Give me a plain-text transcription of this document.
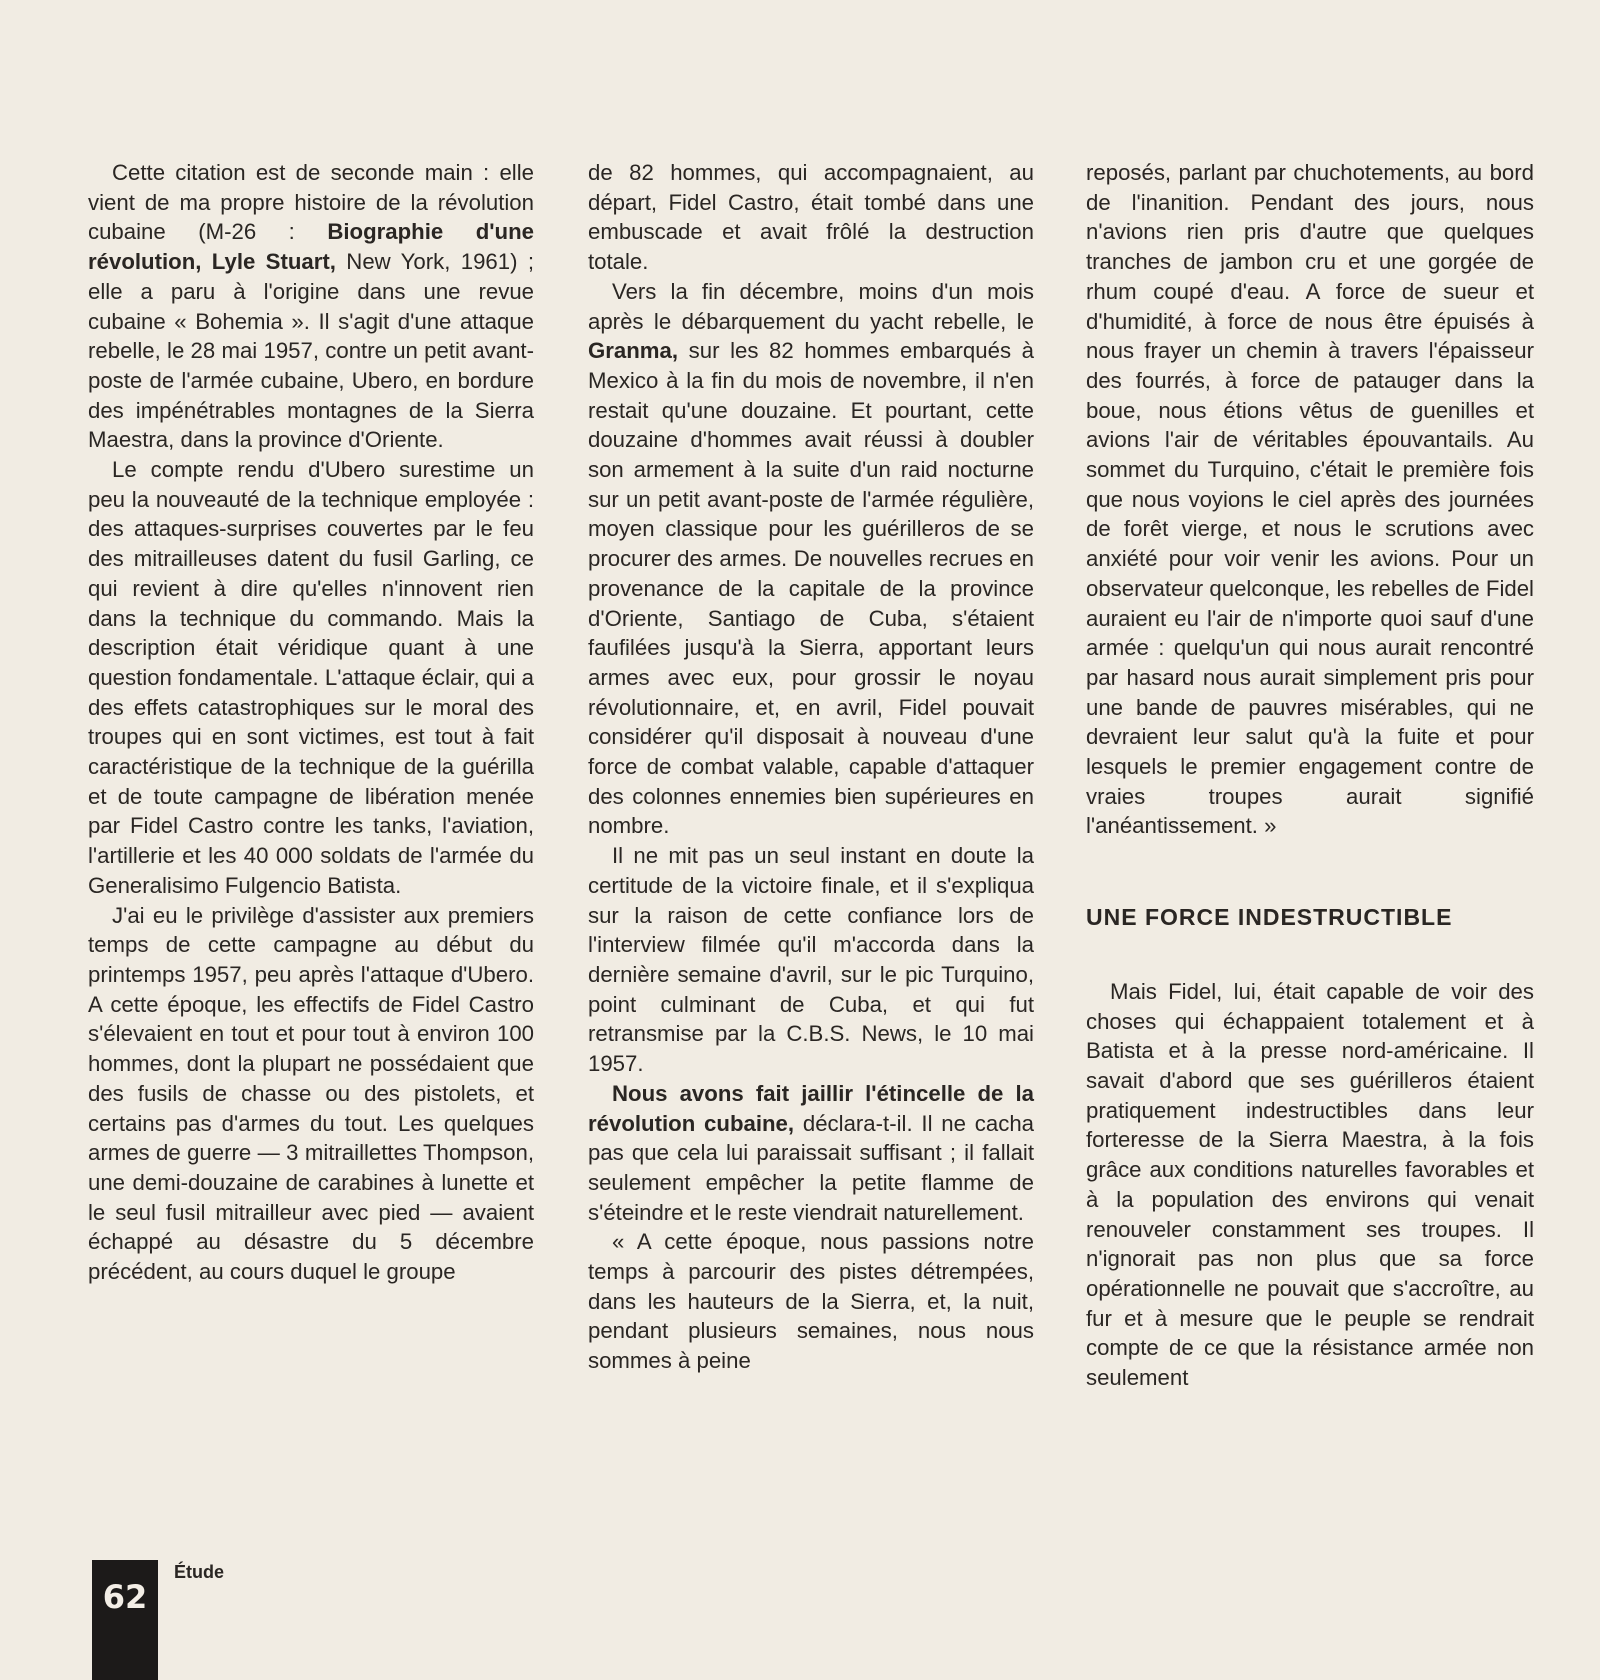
Cette citation est de seconde main : elle vient de ma propre histoire de la révolution cubaine (M-26 : Biographie d'une révolution, Lyle Stuart, New York, 1961) ; elle a paru à l'origine dans une revue cubaine « Bohemia ». Il s'agit d'une attaque rebelle, le 28 mai 1957, contre un petit avant-poste de l'armée cubaine, Ubero, en bordure des impénétrables montagnes de la Sierra Maestra, dans la province d'Oriente.

Le compte rendu d'Ubero surestime un peu la nouveauté de la technique employée : des attaques-surprises couvertes par le feu des mitrailleuses datent du fusil Garling, ce qui revient à dire qu'elles n'innovent rien dans la technique du commando. Mais la description était véridique quant à une question fondamentale. L'attaque éclair, qui a des effets catastrophiques sur le moral des troupes qui en sont victimes, est tout à fait caractéristique de la technique de la guérilla et de toute campagne de libération menée par Fidel Castro contre les tanks, l'aviation, l'artillerie et les 40 000 soldats de l'armée du Generalisimo Fulgencio Batista.

J'ai eu le privilège d'assister aux premiers temps de cette campagne au début du printemps 1957, peu après l'attaque d'Ubero. A cette époque, les effectifs de Fidel Castro s'élevaient en tout et pour tout à environ 100 hommes, dont la plupart ne possédaient que des fusils de chasse ou des pistolets, et certains pas d'armes du tout. Les quelques armes de guerre — 3 mitraillettes Thompson, une demi-douzaine de carabines à lunette et le seul fusil mitrailleur avec pied — avaient échappé au désastre du 5 décembre précédent, au cours duquel le groupe

de 82 hommes, qui accompagnaient, au départ, Fidel Castro, était tombé dans une embuscade et avait frôlé la destruction totale.

Vers la fin décembre, moins d'un mois après le débarquement du yacht rebelle, le Granma, sur les 82 hommes embarqués à Mexico à la fin du mois de novembre, il n'en restait qu'une douzaine. Et pourtant, cette douzaine d'hommes avait réussi à doubler son armement à la suite d'un raid nocturne sur un petit avant-poste de l'armée régulière, moyen classique pour les guérilleros de se procurer des armes. De nouvelles recrues en provenance de la capitale de la province d'Oriente, Santiago de Cuba, s'étaient faufilées jusqu'à la Sierra, apportant leurs armes avec eux, pour grossir le noyau révolutionnaire, et, en avril, Fidel pouvait considérer qu'il disposait à nouveau d'une force de combat valable, capable d'attaquer des colonnes ennemies bien supérieures en nombre.

Il ne mit pas un seul instant en doute la certitude de la victoire finale, et il s'expliqua sur la raison de cette confiance lors de l'interview filmée qu'il m'accorda dans la dernière semaine d'avril, sur le pic Turquino, point culminant de Cuba, et qui fut retransmise par la C.B.S. News, le 10 mai 1957.

Nous avons fait jaillir l'étincelle de la révolution cubaine, déclara-t-il. Il ne cacha pas que cela lui paraissait suffisant ; il fallait seulement empêcher la petite flamme de s'éteindre et le reste viendrait naturellement.

« A cette époque, nous passions notre temps à parcourir des pistes détrempées, dans les hauteurs de la Sierra, et, la nuit, pendant plusieurs semaines, nous nous sommes à peine

reposés, parlant par chuchotements, au bord de l'inanition. Pendant des jours, nous n'avions rien pris d'autre que quelques tranches de jambon cru et une gorgée de rhum coupé d'eau. A force de sueur et d'humidité, à force de nous être épuisés à nous frayer un chemin à travers l'épaisseur des fourrés, à force de patauger dans la boue, nous étions vêtus de guenilles et avions l'air de véritables épouvantails. Au sommet du Turquino, c'était le première fois que nous voyions le ciel après des journées de forêt vierge, et nous le scrutions avec anxiété pour voir venir les avions. Pour un observateur quelconque, les rebelles de Fidel auraient eu l'air de n'importe quoi sauf d'une armée : quelqu'un qui nous aurait rencontré par hasard nous aurait simplement pris pour une bande de pauvres misérables, qui ne devraient leur salut qu'à la fuite et pour lesquels le premier engagement contre de vraies troupes aurait signifié l'anéantissement. »

UNE FORCE INDESTRUCTIBLE

Mais Fidel, lui, était capable de voir des choses qui échappaient totalement et à Batista et à la presse nord-américaine. Il savait d'abord que ses guérilleros étaient pratiquement indestructibles dans leur forteresse de la Sierra Maestra, à la fois grâce aux conditions naturelles favorables et à la population des environs qui venait renouveler constamment ses troupes. Il n'ignorait pas non plus que sa force opérationnelle ne pouvait que s'accroître, au fur et à mesure que le peuple se rendrait compte de ce que la résistance armée non seulement

62
Étude
